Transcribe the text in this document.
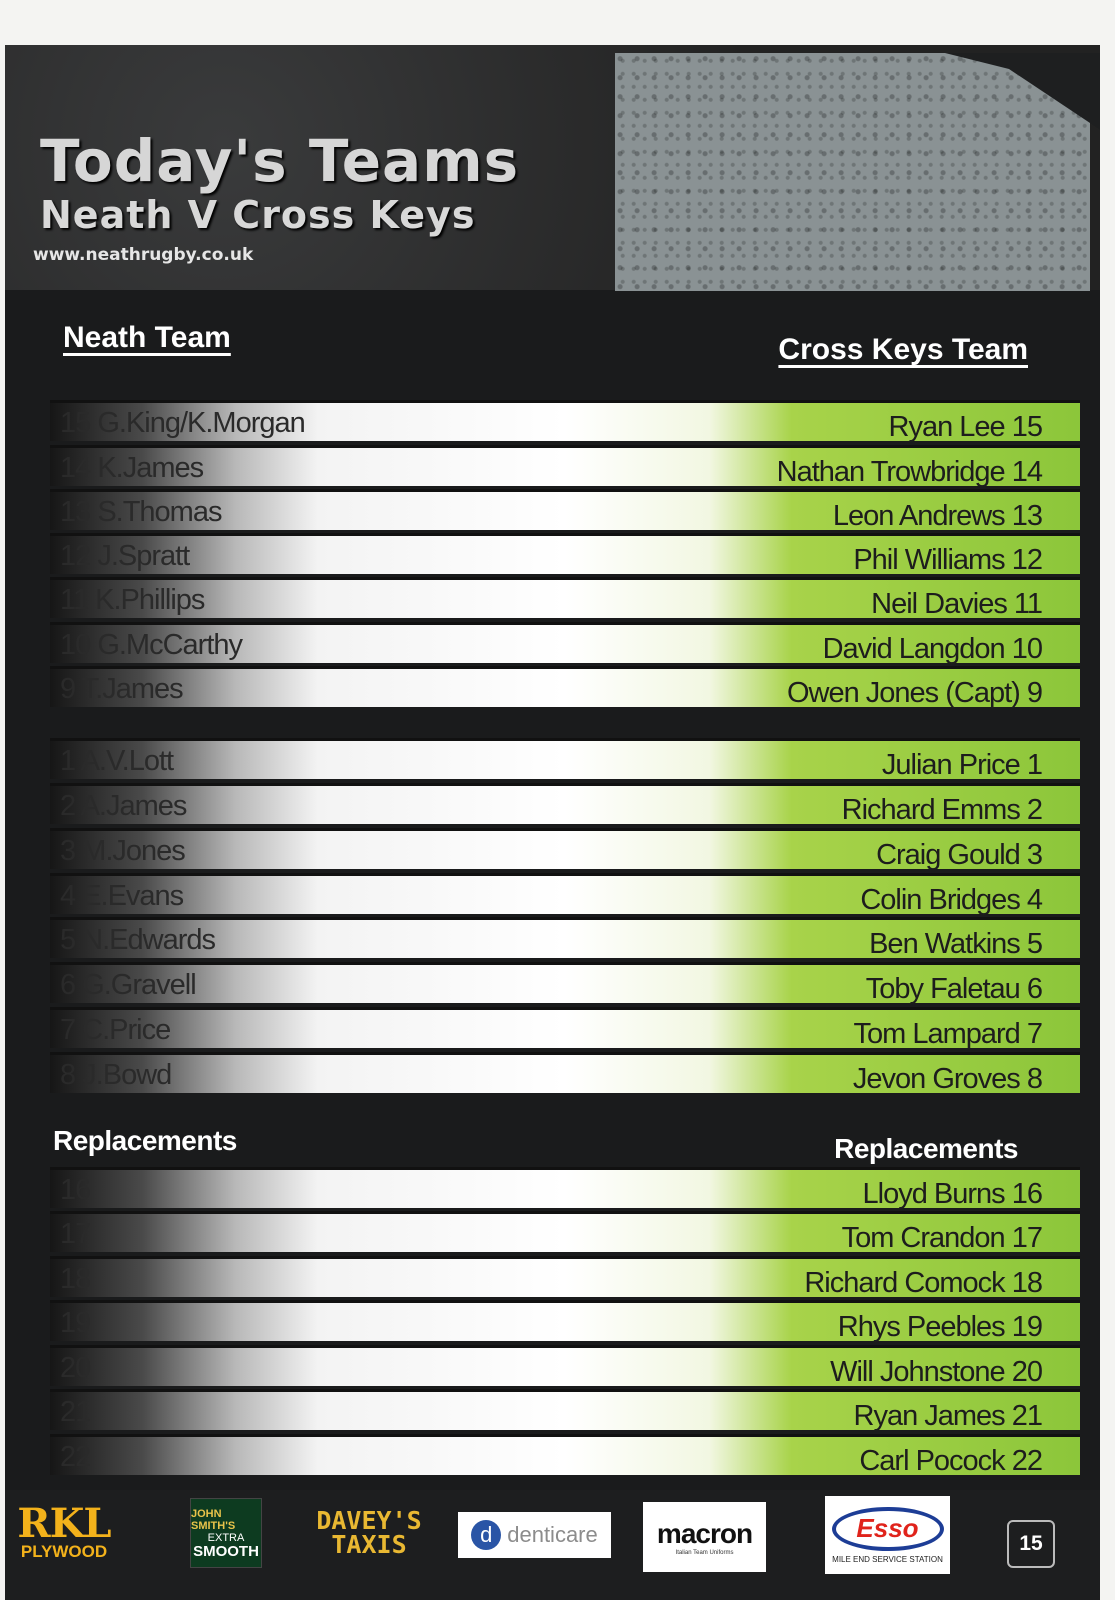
Today's Teams
Neath V Cross Keys
www.neathrugby.co.uk
Neath Team	Cross Keys Team
15 G.King/K.Morgan	Ryan Lee 15
14 K.James	Nathan Trowbridge 14
13 S.Thomas	Leon Andrews 13
12 J.Spratt	Phil Williams 12
11 K.Phillips	Neil Davies 11
10 G.McCarthy	David Langdon 10
9 T.James	Owen Jones (Capt) 9
1 A.V.Lott	Julian Price 1
2 A.James	Richard Emms 2
3 M.Jones	Craig Gould 3
4 E.Evans	Colin Bridges 4
5 N.Edwards	Ben Watkins 5
6 G.Gravell	Toby Faletau 6
7 C.Price	Tom Lampard 7
8 J.Bowd	Jevon Groves 8
Replacements	Replacements
16	Lloyd Burns 16
17	Tom Crandon 17
18	Richard Comock 18
19	Rhys Peebles 19
20	Will Johnstone 20
21	Ryan James 21
22	Carl Pocock 22
RKL
PLYWOOD
JOHN SMITH'S
EXTRA
SMOOTH
DAVEY'S
TAXIS	d denticare macron
Italian Team Uniforms
Esso
MILE END SERVICE STATION
15
